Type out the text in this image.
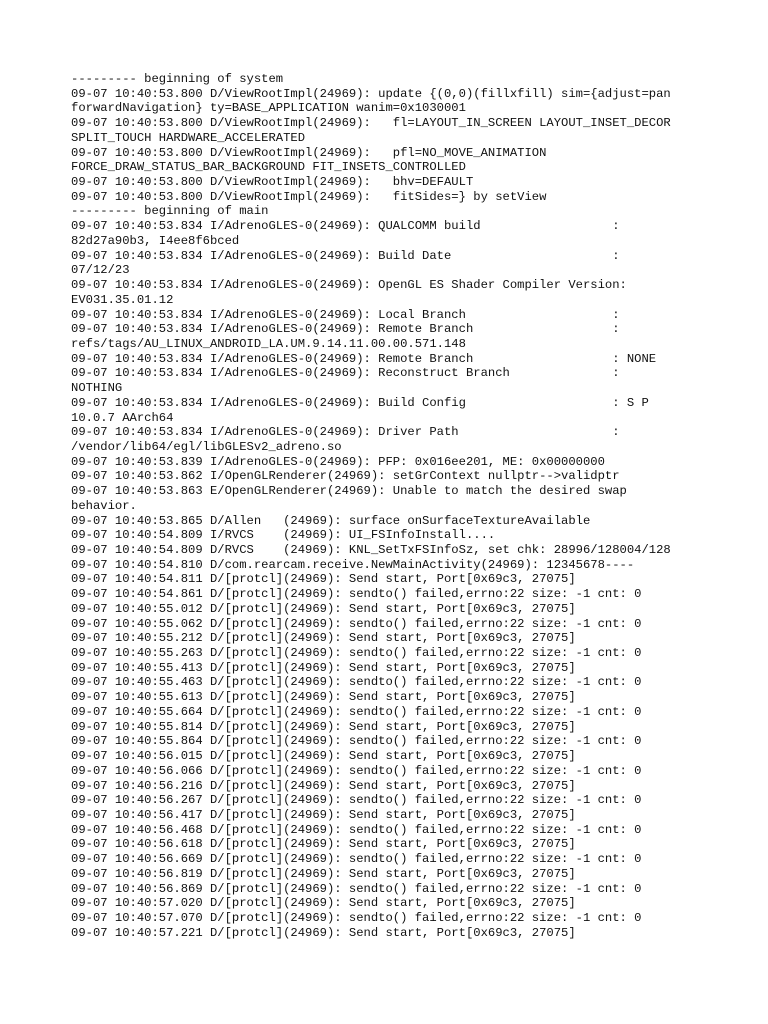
--------- beginning of system
09-07 10:40:53.800 D/ViewRootImpl(24969): update {(0,0)(fillxfill) sim={adjust=pan
forwardNavigation} ty=BASE_APPLICATION wanim=0x1030001
09-07 10:40:53.800 D/ViewRootImpl(24969):   fl=LAYOUT_IN_SCREEN LAYOUT_INSET_DECOR
SPLIT_TOUCH HARDWARE_ACCELERATED
09-07 10:40:53.800 D/ViewRootImpl(24969):   pfl=NO_MOVE_ANIMATION
FORCE_DRAW_STATUS_BAR_BACKGROUND FIT_INSETS_CONTROLLED
09-07 10:40:53.800 D/ViewRootImpl(24969):   bhv=DEFAULT
09-07 10:40:53.800 D/ViewRootImpl(24969):   fitSides=} by setView
--------- beginning of main
09-07 10:40:53.834 I/AdrenoGLES-0(24969): QUALCOMM build                  :
82d27a90b3, I4ee8f6bced
09-07 10:40:53.834 I/AdrenoGLES-0(24969): Build Date                      :
07/12/23
09-07 10:40:53.834 I/AdrenoGLES-0(24969): OpenGL ES Shader Compiler Version:
EV031.35.01.12
09-07 10:40:53.834 I/AdrenoGLES-0(24969): Local Branch                    :
09-07 10:40:53.834 I/AdrenoGLES-0(24969): Remote Branch                   :
refs/tags/AU_LINUX_ANDROID_LA.UM.9.14.11.00.00.571.148
09-07 10:40:53.834 I/AdrenoGLES-0(24969): Remote Branch                   : NONE
09-07 10:40:53.834 I/AdrenoGLES-0(24969): Reconstruct Branch              :
NOTHING
09-07 10:40:53.834 I/AdrenoGLES-0(24969): Build Config                    : S P
10.0.7 AArch64
09-07 10:40:53.834 I/AdrenoGLES-0(24969): Driver Path                     :
/vendor/lib64/egl/libGLESv2_adreno.so
09-07 10:40:53.839 I/AdrenoGLES-0(24969): PFP: 0x016ee201, ME: 0x00000000
09-07 10:40:53.862 I/OpenGLRenderer(24969): setGrContext nullptr-->validptr
09-07 10:40:53.863 E/OpenGLRenderer(24969): Unable to match the desired swap
behavior.
09-07 10:40:53.865 D/Allen   (24969): surface onSurfaceTextureAvailable
09-07 10:40:54.809 I/RVCS    (24969): UI_FSInfoInstall....
09-07 10:40:54.809 D/RVCS    (24969): KNL_SetTxFSInfoSz, set chk: 28996/128004/128
09-07 10:40:54.810 D/com.rearcam.receive.NewMainActivity(24969): 12345678----
09-07 10:40:54.811 D/[protcl](24969): Send start, Port[0x69c3, 27075]
09-07 10:40:54.861 D/[protcl](24969): sendto() failed,errno:22 size: -1 cnt: 0
09-07 10:40:55.012 D/[protcl](24969): Send start, Port[0x69c3, 27075]
09-07 10:40:55.062 D/[protcl](24969): sendto() failed,errno:22 size: -1 cnt: 0
09-07 10:40:55.212 D/[protcl](24969): Send start, Port[0x69c3, 27075]
09-07 10:40:55.263 D/[protcl](24969): sendto() failed,errno:22 size: -1 cnt: 0
09-07 10:40:55.413 D/[protcl](24969): Send start, Port[0x69c3, 27075]
09-07 10:40:55.463 D/[protcl](24969): sendto() failed,errno:22 size: -1 cnt: 0
09-07 10:40:55.613 D/[protcl](24969): Send start, Port[0x69c3, 27075]
09-07 10:40:55.664 D/[protcl](24969): sendto() failed,errno:22 size: -1 cnt: 0
09-07 10:40:55.814 D/[protcl](24969): Send start, Port[0x69c3, 27075]
09-07 10:40:55.864 D/[protcl](24969): sendto() failed,errno:22 size: -1 cnt: 0
09-07 10:40:56.015 D/[protcl](24969): Send start, Port[0x69c3, 27075]
09-07 10:40:56.066 D/[protcl](24969): sendto() failed,errno:22 size: -1 cnt: 0
09-07 10:40:56.216 D/[protcl](24969): Send start, Port[0x69c3, 27075]
09-07 10:40:56.267 D/[protcl](24969): sendto() failed,errno:22 size: -1 cnt: 0
09-07 10:40:56.417 D/[protcl](24969): Send start, Port[0x69c3, 27075]
09-07 10:40:56.468 D/[protcl](24969): sendto() failed,errno:22 size: -1 cnt: 0
09-07 10:40:56.618 D/[protcl](24969): Send start, Port[0x69c3, 27075]
09-07 10:40:56.669 D/[protcl](24969): sendto() failed,errno:22 size: -1 cnt: 0
09-07 10:40:56.819 D/[protcl](24969): Send start, Port[0x69c3, 27075]
09-07 10:40:56.869 D/[protcl](24969): sendto() failed,errno:22 size: -1 cnt: 0
09-07 10:40:57.020 D/[protcl](24969): Send start, Port[0x69c3, 27075]
09-07 10:40:57.070 D/[protcl](24969): sendto() failed,errno:22 size: -1 cnt: 0
09-07 10:40:57.221 D/[protcl](24969): Send start, Port[0x69c3, 27075]
